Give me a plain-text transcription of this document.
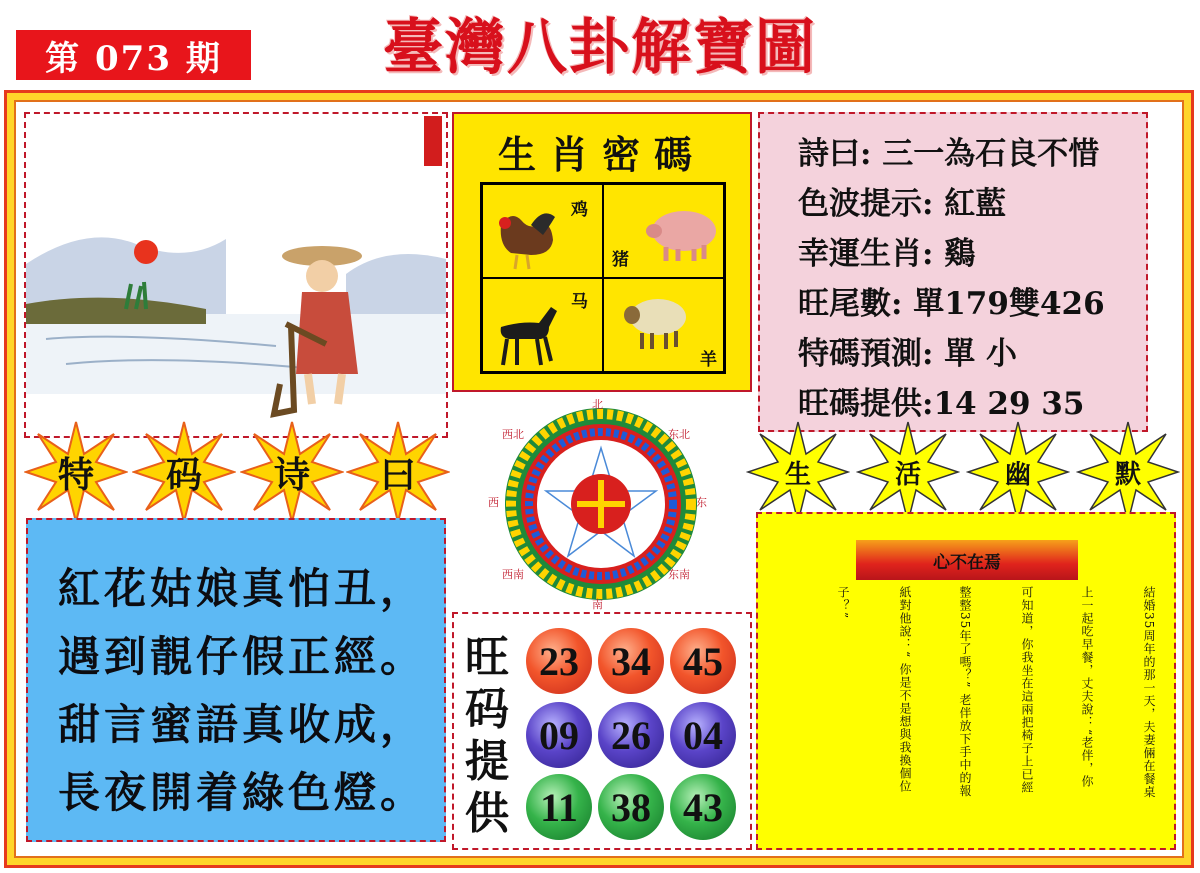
第 073 期	臺灣八卦解寶圖
生肖密碼
鸡
猪
马
羊
詩曰: 三一為石良不惜
色波提示: 紅藍
幸運生肖: 鷄
旺尾數: 單179雙426
特碼預測: 單 小
旺碼提供:14 29 35
特	码	诗	曰	生	活	幽	默
北
东
南
西
东北
东南
西南
西北
紅花姑娘真怕丑，
遇到靚仔假正經。
甜言蜜語真收成，
長夜開着綠色燈。
旺
码
提
供
23 34 45
09 26 04
11 38 43
心不在焉
結婚35周年的那一天，夫妻倆在餐桌
上一起吃早餐，丈夫說：“老伴，你
可知道，你我坐在這兩把椅子上已經
整整35年了嗎？” 老伴放下手中的報
紙對他說：“ 你是不是想與我換個位
子？”
